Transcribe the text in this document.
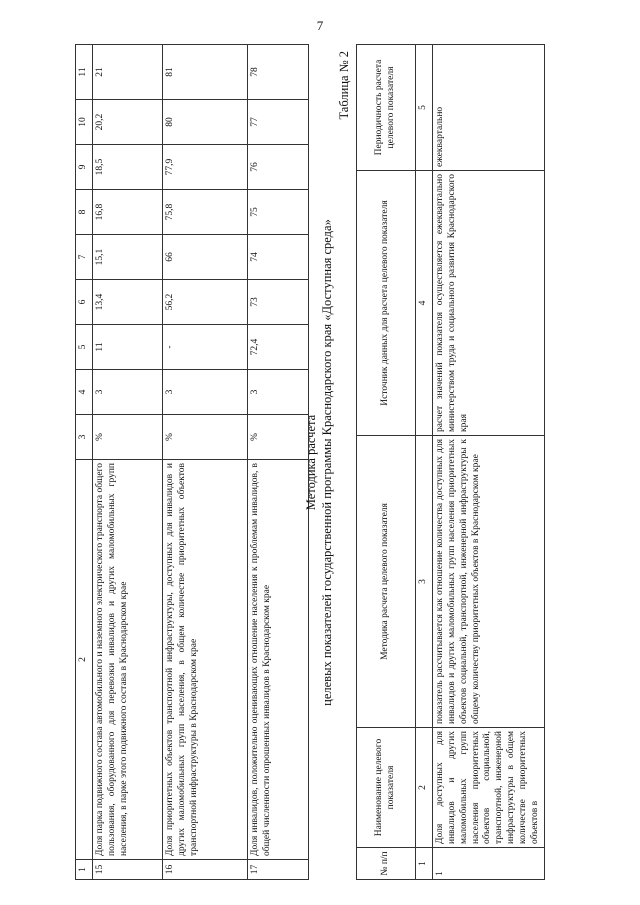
7
1	2	3	4	5	6	7	8	9	10	11
15	Доля парка подвижного состава автомобильного и наземного электрического транспорта общего пользования, оборудованного для перевозки инвалидов и других маломобильных групп населения, в парке этого подвижного состава в Краснодарском крае	%	3	11	13,4	15,1	16,8	18,5	20,2	21
16	Доля приоритетных объектов транспортной инфраструктуры, доступных для инвалидов и других маломобильных групп населения, в общем количестве приоритетных объектов транспортной инфраструктуры в Краснодарском крае	%	3	-	56,2	66	75,8	77,9	80	81
17	Доля инвалидов, положительно оценивающих отношение населения к проблемам инвалидов, в общей численности опрошенных инвалидов в Краснодарском крае	%	3	72,4	73	74	75	76	77	78
Методика расчета целевых показателей государственной программы Краснодарского края «Доступная среда»
Таблица № 2
№ п/п	Наименование целевого показателя	Методика расчета целевого показателя	Источник данных для расчета целевого показателя	Периодичность расчета целевого показателя
1	2	3	4	5
1	Доля доступных для инвалидов и других маломобильных групп населения приоритетных объектов социальной, транспортной, инженерной инфраструктуры в общем количестве приоритетных объектов в	показатель рассчитывается как отношение количества доступных для инвалидов и других маломобильных групп населения приоритетных объектов социальной, транспортной, инженерной инфраструктуры к общему количеству приоритетных объектов в Краснодарском крае	расчет значений показателя осуществляется ежеквартально министерством труда и социального развития Краснодарского края	ежеквартально
